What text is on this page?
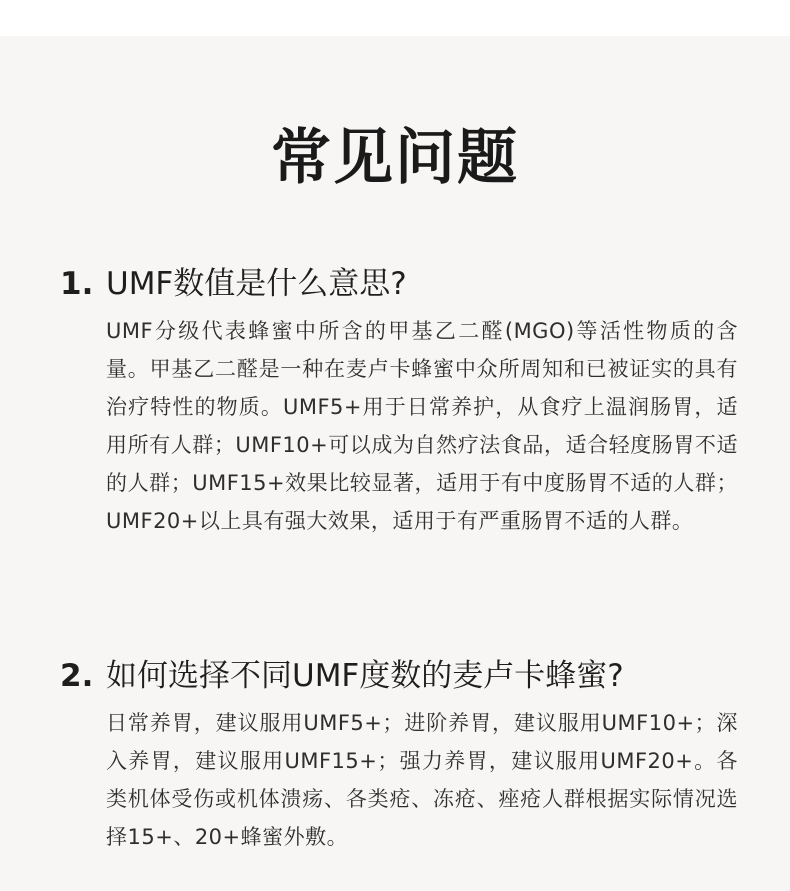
常见问题
1. UMF数值是什么意思?

UMF分级代表蜂蜜中所含的甲基乙二醛(MGO)等活性物质的含量。甲基乙二醛是一种在麦卢卡蜂蜜中众所周知和已被证实的具有治疗特性的物质。UMF5+用于日常养护，从食疗上温润肠胃，适用所有人群；UMF10+可以成为自然疗法食品，适合轻度肠胃不适的人群；UMF15+效果比较显著，适用于有中度肠胃不适的人群；UMF20+以上具有强大效果，适用于有严重肠胃不适的人群。

2. 如何选择不同UMF度数的麦卢卡蜂蜜?

日常养胃，建议服用UMF5+；进阶养胃，建议服用UMF10+；深入养胃，建议服用UMF15+；强力养胃，建议服用UMF20+。各类机体受伤或机体溃疡、各类疮、冻疮、痤疮人群根据实际情况选择15+、20+蜂蜜外敷。
